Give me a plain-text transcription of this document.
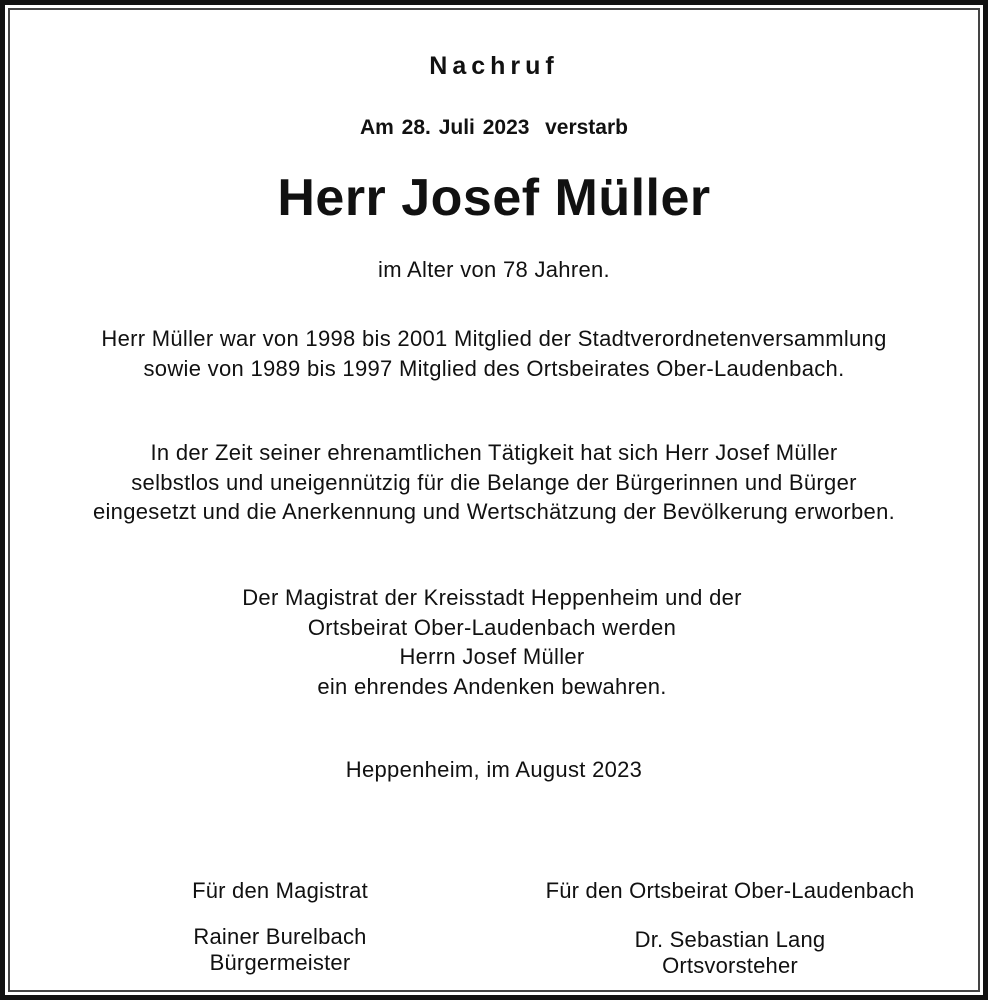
Nachruf
Am 28. Juli 2023  verstarb
Herr Josef Müller
im Alter von 78 Jahren.
Herr Müller war von 1998 bis 2001 Mitglied der Stadtverordnetenversammlung
sowie von 1989 bis 1997 Mitglied des Ortsbeirates Ober-Laudenbach.
In der Zeit seiner ehrenamtlichen Tätigkeit hat sich Herr Josef Müller
selbstlos und uneigennützig für die Belange der Bürgerinnen und Bürger
eingesetzt und die Anerkennung und Wertschätzung der Bevölkerung erworben.
Der Magistrat der Kreisstadt Heppenheim und der
Ortsbeirat Ober-Laudenbach werden
Herrn Josef Müller
ein ehrendes Andenken bewahren.
Heppenheim, im August 2023
Für den Magistrat
Rainer Burelbach
Bürgermeister
Für den Ortsbeirat Ober-Laudenbach
Dr. Sebastian Lang
Ortsvorsteher
